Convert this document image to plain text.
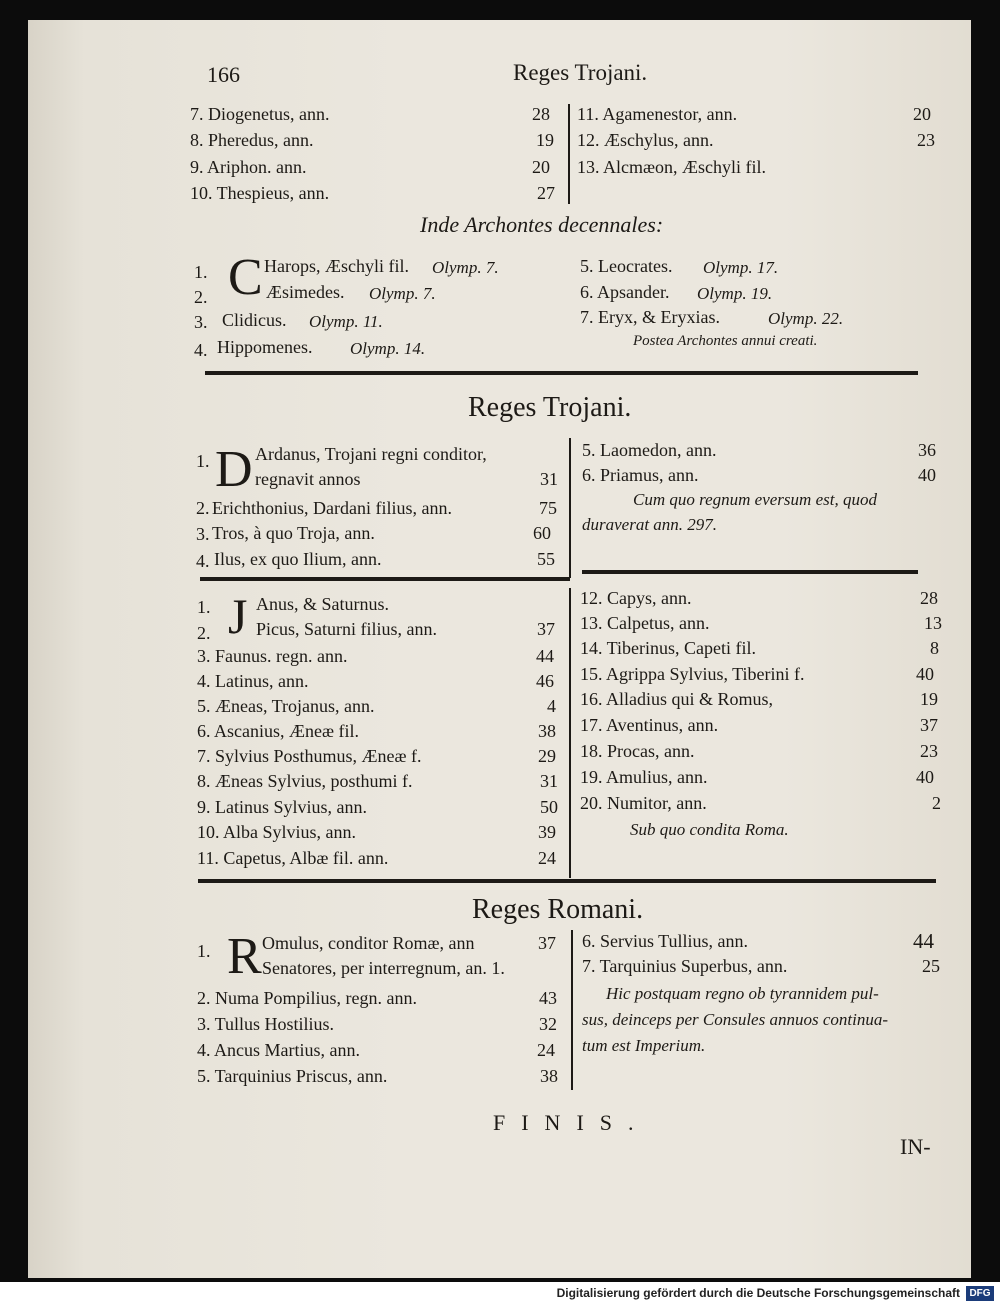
166	Reges Trojani.
7. Diogenetus, ann.	28
8. Pheredus, ann.	19
9. Ariphon. ann.	20
10. Thespieus, ann.	27
11. Agamenestor, ann.	20
12. Æschylus, ann.	23
13. Alcmæon, Æschyli fil.
Inde Archontes decennales:
C
1.	Harops, Æschyli fil. Olymp. 7.
2.	Æsimedes. Olymp. 7.
3. Clidicus. Olymp. 11.
4. Hippomenes. Olymp. 14.
5. Leocrates. Olymp. 17.
6. Apsander. Olymp. 19.
7. Eryx, & Eryxias.	Olymp. 22.
Postea Archontes annui creati.
Reges Trojani.
D
1.	Ardanus, Trojani regni conditor,
regnavit annos	31
2. Erichthonius, Dardani filius, ann.	75
3. Tros, à quo Troja, ann.	60
4. Ilus, ex quo Ilium, ann.	55
5. Laomedon, ann.	36
6. Priamus, ann.	40
Cum quo regnum eversum est, quod
duraverat ann. 297.
J
1.	Anus, & Saturnus.
2.	Picus, Saturni filius, ann.	37
3. Faunus. regn. ann.	44
4. Latinus, ann.	46
5. Æneas, Trojanus, ann.	4
6. Ascanius, Æneæ fil.	38
7. Sylvius Posthumus, Æneæ f.	29
8. Æneas Sylvius, posthumi f.	31
9. Latinus Sylvius, ann.	50
10. Alba Sylvius, ann.	39
11. Capetus, Albæ fil. ann.	24
12. Capys, ann.	28
13. Calpetus, ann.	13
14. Tiberinus, Capeti fil.	8
15. Agrippa Sylvius, Tiberini f.	40
16. Alladius qui & Romus,	19
17. Aventinus, ann.	37
18. Procas, ann.	23
19. Amulius, ann.	40
20. Numitor, ann.	2
Sub quo condita Roma.
Reges Romani.
R
1.	Omulus, conditor Romæ, ann	37
Senatores, per interregnum, an. 1.
2. Numa Pompilius, regn. ann.	43
3. Tullus Hostilius.	32
4. Ancus Martius, ann.	24
5. Tarquinius Priscus, ann.	38
6. Servius Tullius, ann.	44
7. Tarquinius Superbus, ann.	25
Hic postquam regno ob tyrannidem pul-
sus, deinceps per Consules annuos continua-
tum est Imperium.
FINIS.
IN-
Digitalisierung gefördert durch die Deutsche Forschungsgemeinschaft DFG
